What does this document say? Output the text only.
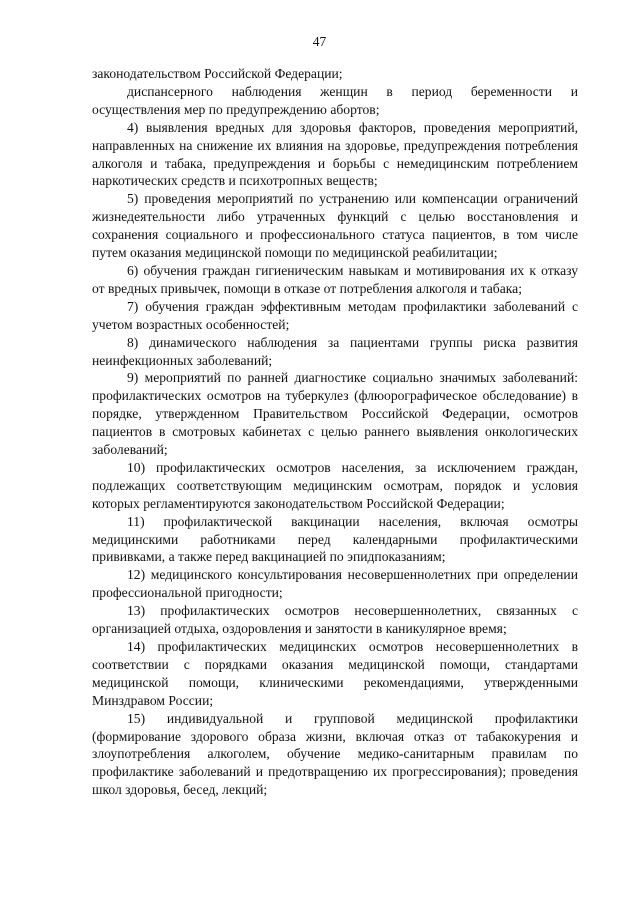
47

законодательством Российской Федерации;

диспансерного наблюдения женщин в период беременности и осуществления мер по предупреждению абортов;

4) выявления вредных для здоровья факторов, проведения мероприятий, направленных на снижение их влияния на здоровье, предупреждения потребления алкоголя и табака, предупреждения и борьбы с немедицинским потреблением наркотических средств и психотропных веществ;

5) проведения мероприятий по устранению или компенсации ограничений жизнедеятельности либо утраченных функций с целью восстановления и сохранения социального и профессионального статуса пациентов, в том числе путем оказания медицинской помощи по медицинской реабилитации;

6) обучения граждан гигиеническим навыкам и мотивирования их к отказу от вредных привычек, помощи в отказе от потребления алкоголя и табака;

7) обучения граждан эффективным методам профилактики заболеваний с учетом возрастных особенностей;

8) динамического наблюдения за пациентами группы риска развития неинфекционных заболеваний;

9) мероприятий по ранней диагностике социально значимых заболеваний: профилактических осмотров на туберкулез (флюорографическое обследование) в порядке, утвержденном Правительством Российской Федерации, осмотров пациентов в смотровых кабинетах с целью раннего выявления онкологических заболеваний;

10) профилактических осмотров населения, за исключением граждан, подлежащих соответствующим медицинским осмотрам, порядок и условия которых регламентируются законодательством Российской Федерации;

11) профилактической вакцинации населения, включая осмотры медицинскими работниками перед календарными профилактическими прививками, а также перед вакцинацией по эпидпоказаниям;

12) медицинского консультирования несовершеннолетних при определении профессиональной пригодности;

13) профилактических осмотров несовершеннолетних, связанных с организацией отдыха, оздоровления и занятости в каникулярное время;

14) профилактических медицинских осмотров несовершеннолетних в соответствии с порядками оказания медицинской помощи, стандартами медицинской помощи, клиническими рекомендациями, утвержденными Минздравом России;

15) индивидуальной и групповой медицинской профилактики (формирование здорового образа жизни, включая отказ от табакокурения и злоупотребления алкоголем, обучение медико-санитарным правилам по профилактике заболеваний и предотвращению их прогрессирования); проведения школ здоровья, бесед, лекций;
